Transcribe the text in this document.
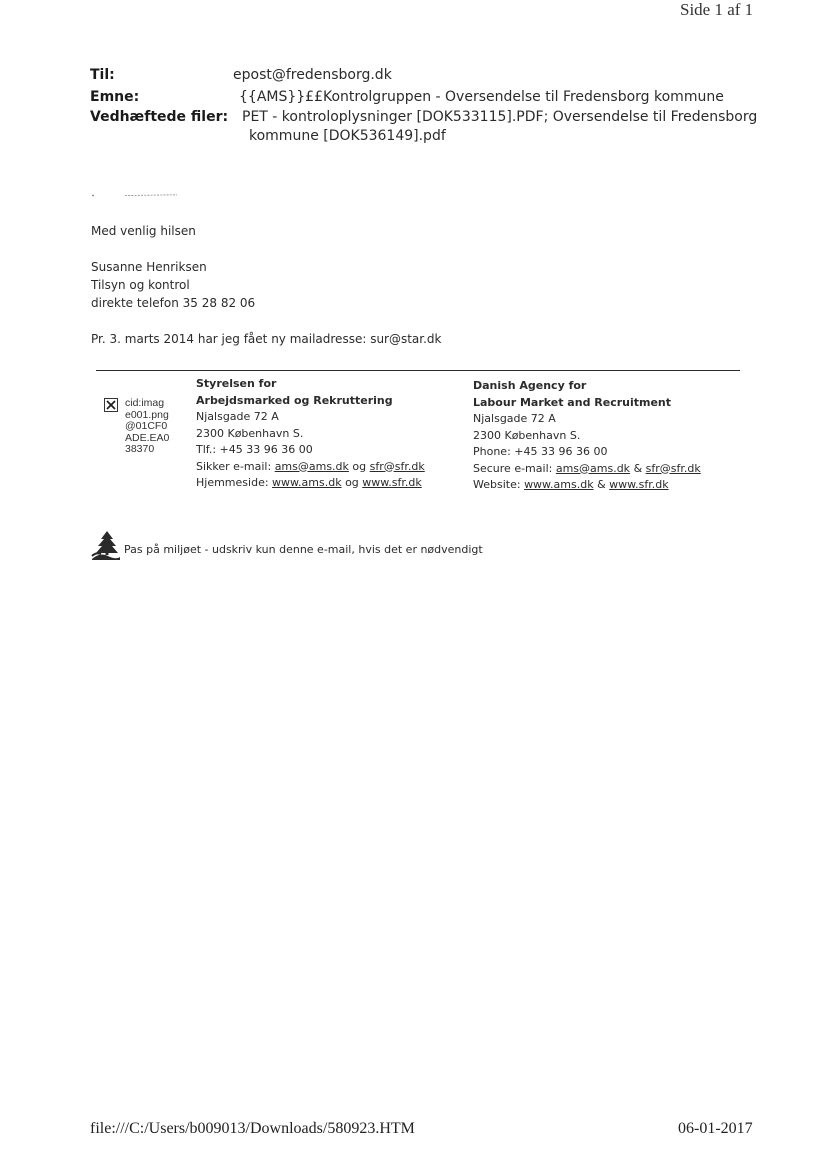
Side 1 af 1
Til:	epost@fredensborg.dk
Emne:	{{AMS}}££Kontrolgruppen - Oversendelse til Fredensborg kommune
Vedhæftede filer: PET - kontroloplysninger [DOK533115].PDF; Oversendelse til Fredensborg
kommune [DOK536149].pdf
Med venlig hilsen
Susanne Henriksen
Tilsyn og kontrol
direkte telefon 35 28 82 06
Pr. 3. marts 2014 har jeg fået ny mailadresse: sur@star.dk
cid:imag
e001.png
@01CF0
ADE.EA0
38370
Styrelsen for
Arbejdsmarked og Rekruttering
Njalsgade 72 A
2300 København S.
Tlf.: +45 33 96 36 00
Sikker e-mail: ams@ams.dk og sfr@sfr.dk
Hjemmeside: www.ams.dk og www.sfr.dk
Danish Agency for
Labour Market and Recruitment
Njalsgade 72 A
2300 København S.
Phone: +45 33 96 36 00
Secure e-mail: ams@ams.dk & sfr@sfr.dk
Website: www.ams.dk & www.sfr.dk
Pas på miljøet - udskriv kun denne e-mail, hvis det er nødvendigt
file:///C:/Users/b009013/Downloads/580923.HTM	06-01-2017
